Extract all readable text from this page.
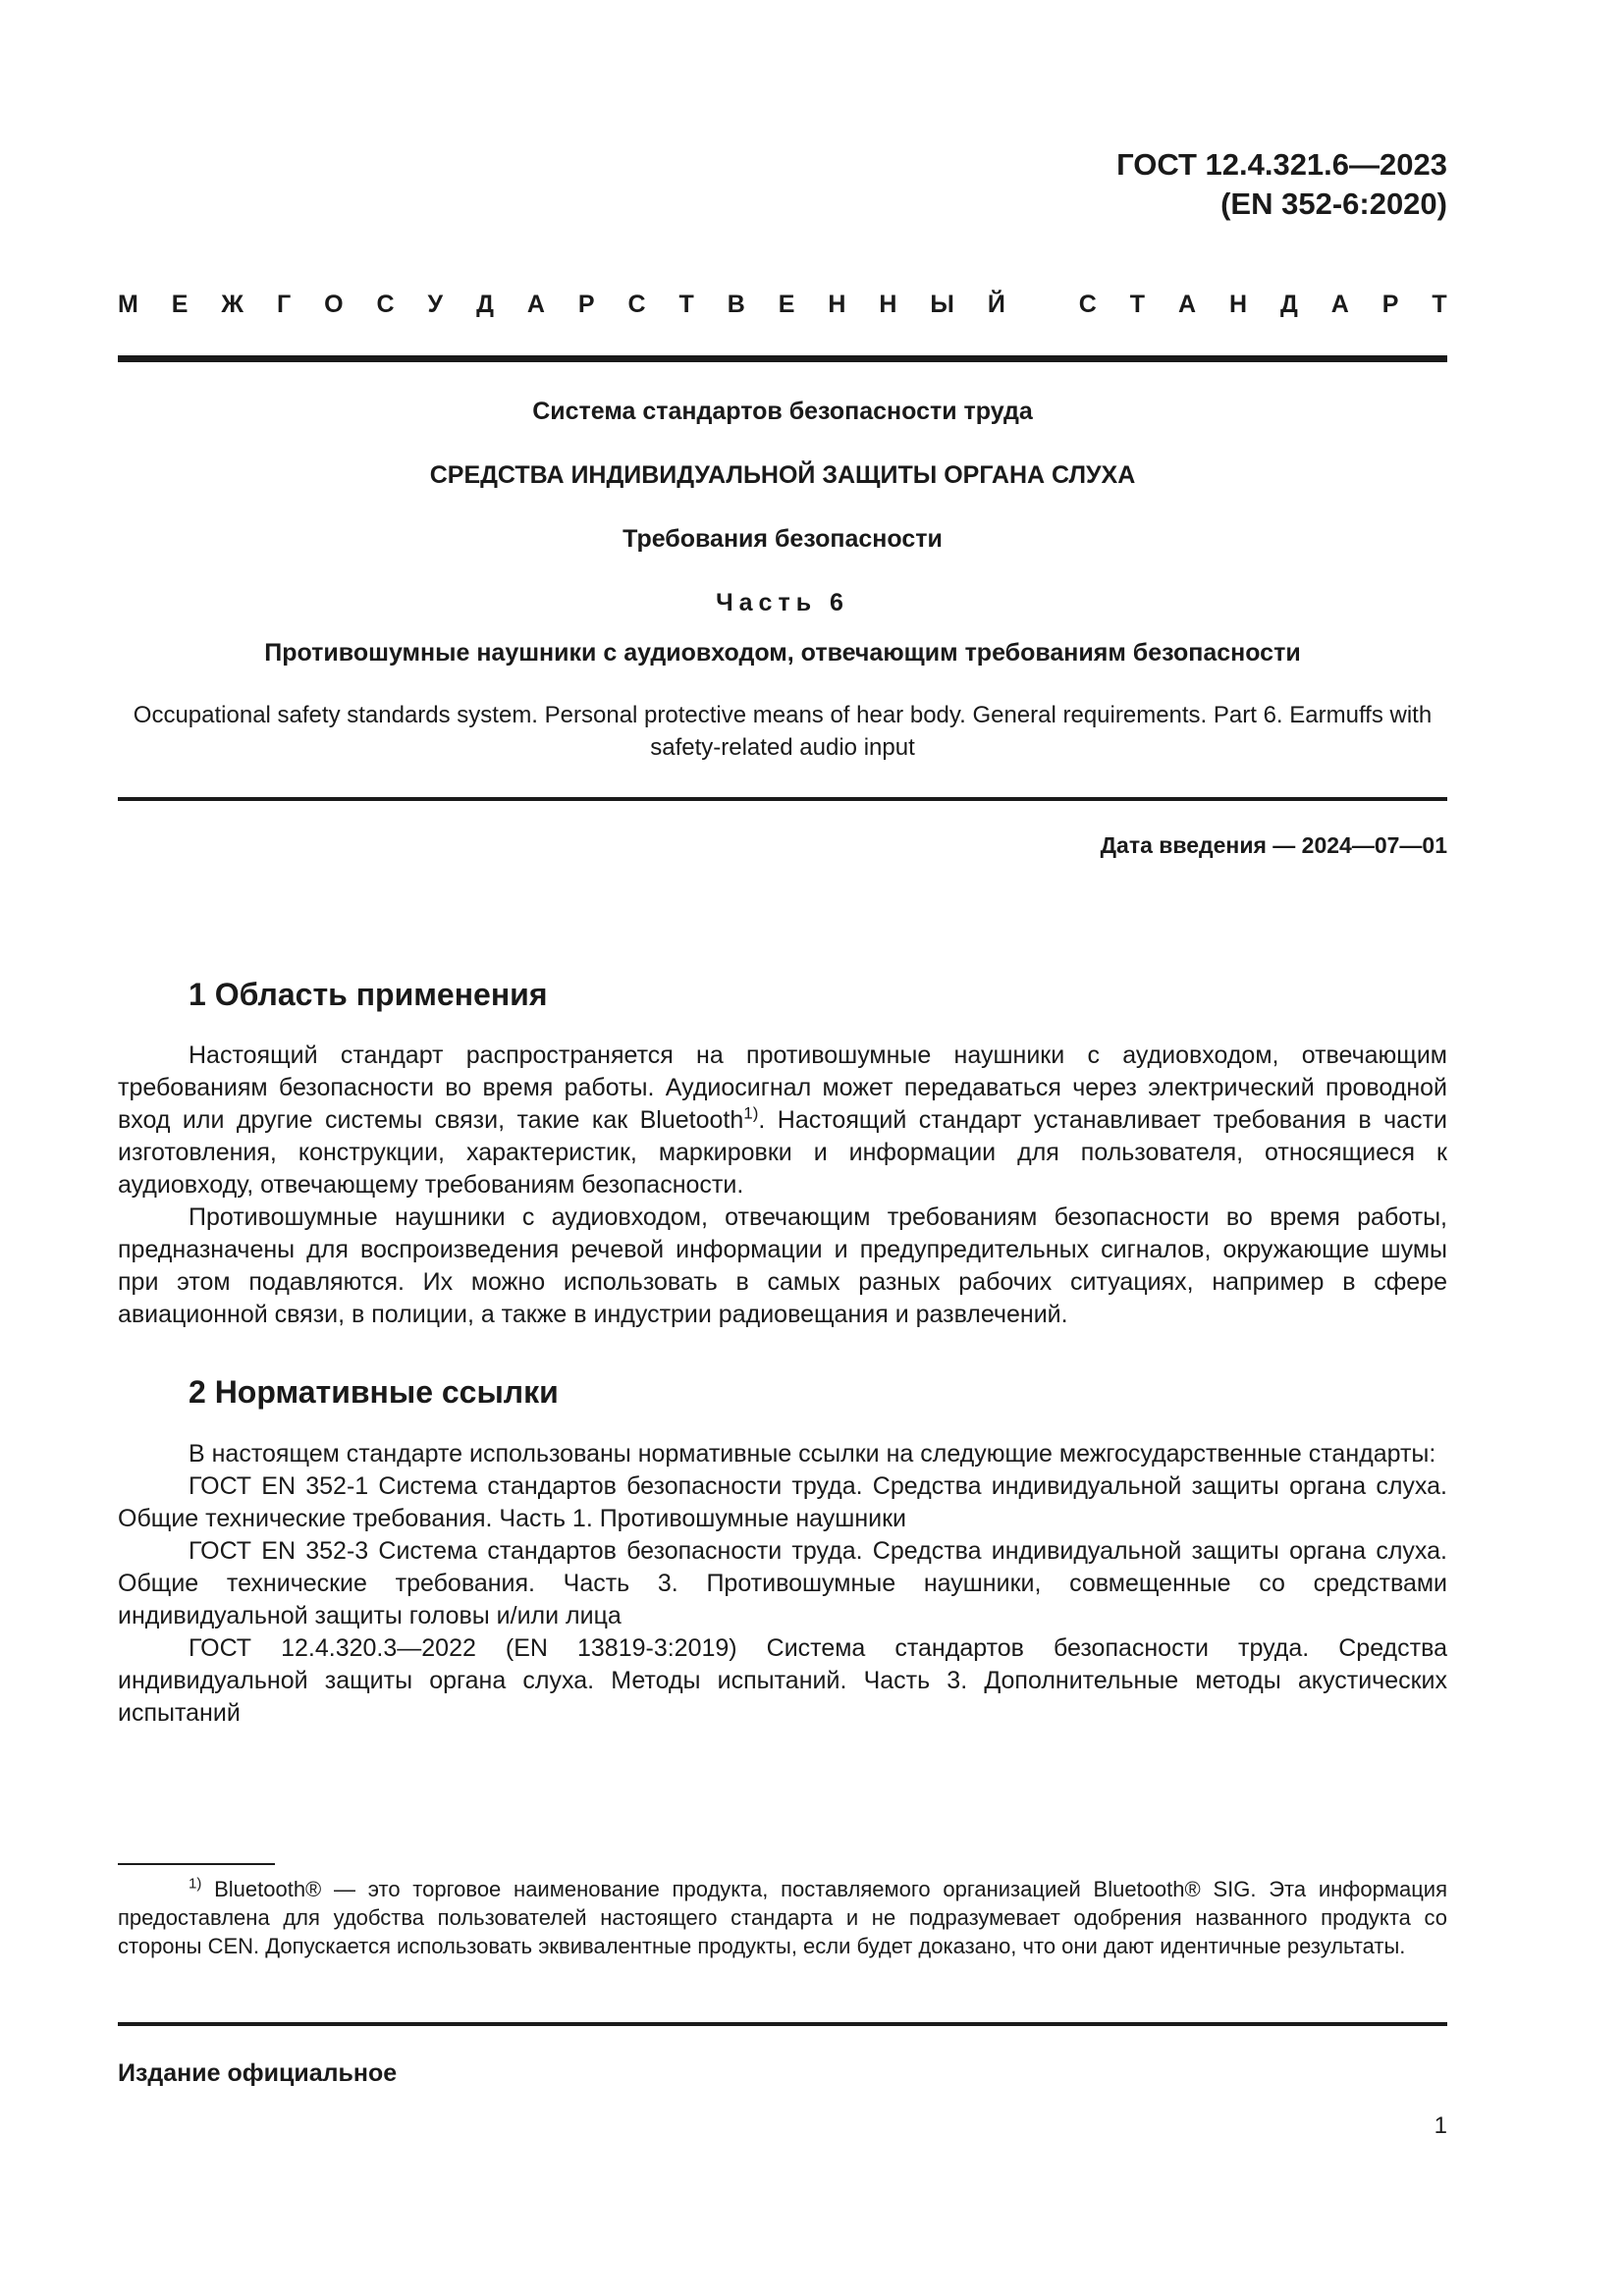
ГОСТ 12.4.321.6—2023
(EN 352-6:2020)
М Е Ж Г О С У Д А Р С Т В Е Н Н Ы Й
	С Т А Н Д А Р Т
Система стандартов безопасности труда
СРЕДСТВА ИНДИВИДУАЛЬНОЙ ЗАЩИТЫ ОРГАНА СЛУХА
Требования безопасности
Часть 6
Противошумные наушники с аудиовходом, отвечающим требованиям безопасности
Occupational safety standards system. Personal protective means of hear body. General requirements. Part 6. Earmuffs with safety-related audio input
Дата введения — 2024—07—01
1 Область применения

Настоящий стандарт распространяется на противошумные наушники с аудиовходом, отвечающим требованиям безопасности во время работы. Аудиосигнал может передаваться через электрический проводной вход или другие системы связи, такие как Bluetooth$^{1)}$. Настоящий стандарт устанавливает требования в части изготовления, конструкции, характеристик, маркировки и информации для пользователя, относящиеся к аудиовходу, отвечающему требованиям безопасности.

Противошумные наушники с аудиовходом, отвечающим требованиям безопасности во время работы, предназначены для воспроизведения речевой информации и предупредительных сигналов, окружающие шумы при этом подавляются. Их можно использовать в самых разных рабочих ситуациях, например в сфере авиационной связи, в полиции, а также в индустрии радиовещания и развлечений.

2 Нормативные ссылки

В настоящем стандарте использованы нормативные ссылки на следующие межгосударственные стандарты:

ГОСТ EN 352-1 Система стандартов безопасности труда. Средства индивидуальной защиты органа слуха. Общие технические требования. Часть 1. Противошумные наушники

ГОСТ EN 352-3 Система стандартов безопасности труда. Средства индивидуальной защиты органа слуха. Общие технические требования. Часть 3. Противошумные наушники, совмещенные со средствами индивидуальной защиты головы и/или лица

ГОСТ 12.4.320.3—2022 (EN 13819-3:2019) Система стандартов безопасности труда. Средства индивидуальной защиты органа слуха. Методы испытаний. Часть 3. Дополнительные методы акустических испытаний

$^{1)}$ Bluetooth® — это торговое наименование продукта, поставляемого организацией Bluetooth® SIG. Эта информация предоставлена для удобства пользователей настоящего стандарта и не подразумевает одобрения названного продукта со стороны CEN. Допускается использовать эквивалентные продукты, если будет доказано, что они дают идентичные результаты.

Издание официальное
1
